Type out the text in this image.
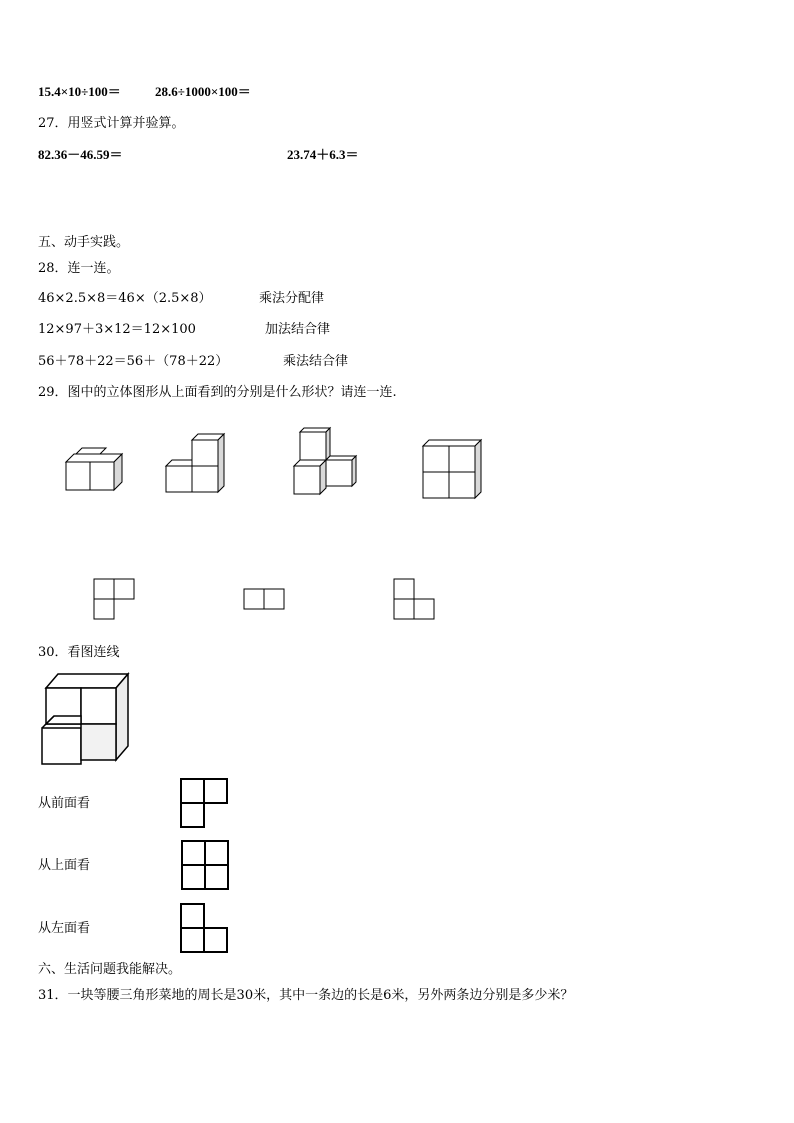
15.4×10÷100＝	28.6÷1000×100＝
27．用竖式计算并验算。
82.36－46.59＝	23.74＋6.3＝
五、动手实践。
28．连一连。
46×2.5×8＝46×（2.5×8）
12×97＋3×12＝12×100
56＋78＋22＝56＋（78＋22）
乘法分配律
加法结合律
乘法结合律
29．图中的立体图形从上面看到的分别是什么形状？请连一连.
30．看图连线
从前面看
从上面看
从左面看
六、生活问题我能解决。
31．一块等腰三角形菜地的周长是30米，其中一条边的长是6米，另外两条边分别是多少米？
